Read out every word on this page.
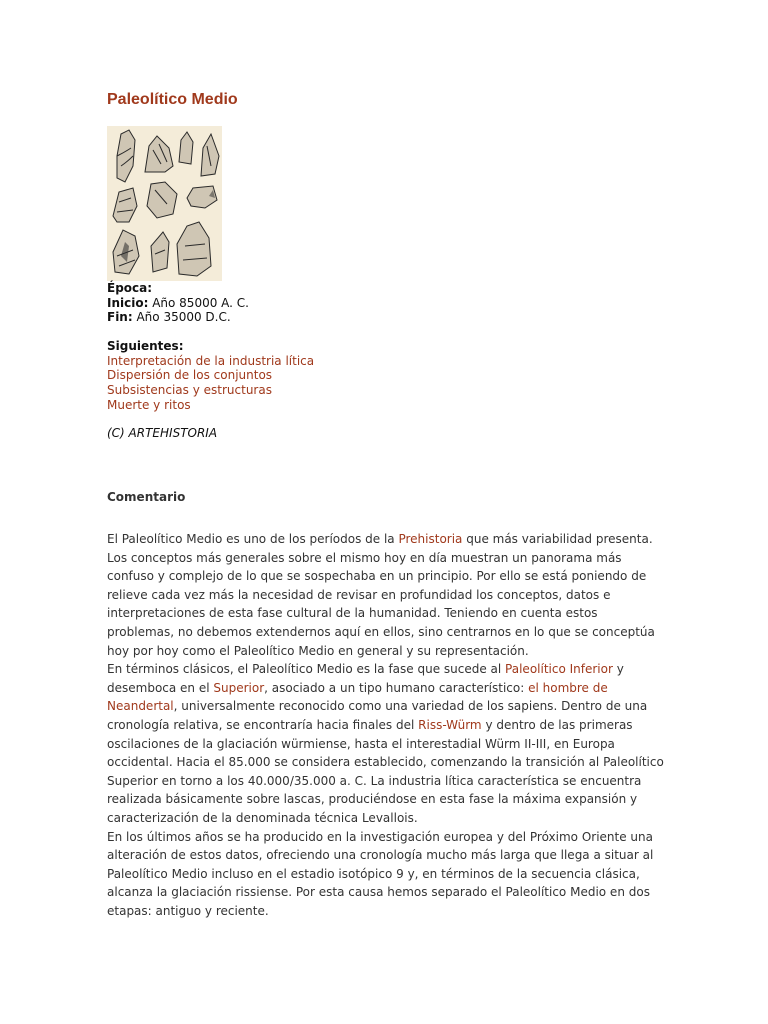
Paleolítico Medio
Época:
Inicio: Año 85000 A. C.
Fin: Año 35000 D.C.
Siguientes:
Interpretación de la industria lítica
Dispersión de los conjuntos
Subsistencias y estructuras
Muerte y ritos
(C) ARTEHISTORIA
Comentario

El Paleolítico Medio es uno de los períodos de la Prehistoria que más variabilidad presenta. Los conceptos más generales sobre el mismo hoy en día muestran un panorama más confuso y complejo de lo que se sospechaba en un principio. Por ello se está poniendo de relieve cada vez más la necesidad de revisar en profundidad los conceptos, datos e interpretaciones de esta fase cultural de la humanidad. Teniendo en cuenta estos problemas, no debemos extendernos aquí en ellos, sino centrarnos en lo que se conceptúa hoy por hoy como el Paleolítico Medio en general y su representación.

En términos clásicos, el Paleolítico Medio es la fase que sucede al Paleolítico Inferior y desemboca en el Superior, asociado a un tipo humano característico: el hombre de Neandertal, universalmente reconocido como una variedad de los sapiens. Dentro de una cronología relativa, se encontraría hacia finales del Riss-Würm y dentro de las primeras oscilaciones de la glaciación würmiense, hasta el interestadial Würm II-III, en Europa occidental. Hacia el 85.000 se considera establecido, comenzando la transición al Paleolítico Superior en torno a los 40.000/35.000 a. C. La industria lítica característica se encuentra realizada básicamente sobre lascas, produciéndose en esta fase la máxima expansión y caracterización de la denominada técnica Levallois.

En los últimos años se ha producido en la investigación europea y del Próximo Oriente una alteración de estos datos, ofreciendo una cronología mucho más larga que llega a situar al Paleolítico Medio incluso en el estadio isotópico 9 y, en términos de la secuencia clásica, alcanza la glaciación rissiense. Por esta causa hemos separado el Paleolítico Medio en dos etapas: antiguo y reciente.
